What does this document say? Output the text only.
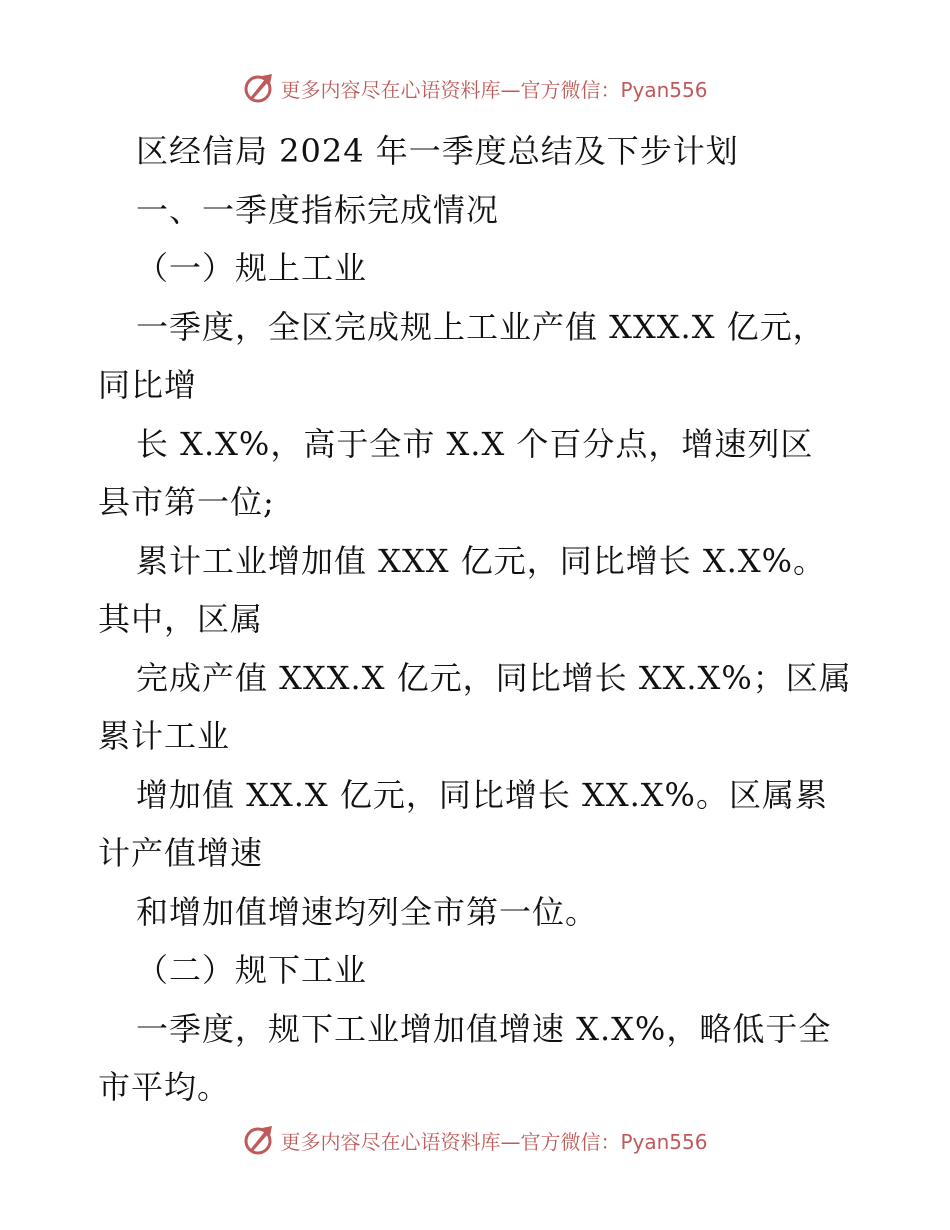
更多内容尽在心语资料库—官方微信：Pyan556
区经信局 2024 年一季度总结及下步计划
一、一季度指标完成情况
（一）规上工业
一季度，全区完成规上工业产值 XXX.X 亿元，
同比增
长 X.X%，高于全市 X.X 个百分点，增速列区
县市第一位;
累计工业增加值 XXX 亿元，同比增长 X.X%。
其中，区属
完成产值 XXX.X 亿元，同比增长 XX.X%；区属
累计工业
增加值 XX.X 亿元，同比增长 XX.X%。区属累
计产值增速
和增加值增速均列全市第一位。
（二）规下工业
一季度，规下工业增加值增速 X.X%，略低于全
市平均。
更多内容尽在心语资料库—官方微信：Pyan556
